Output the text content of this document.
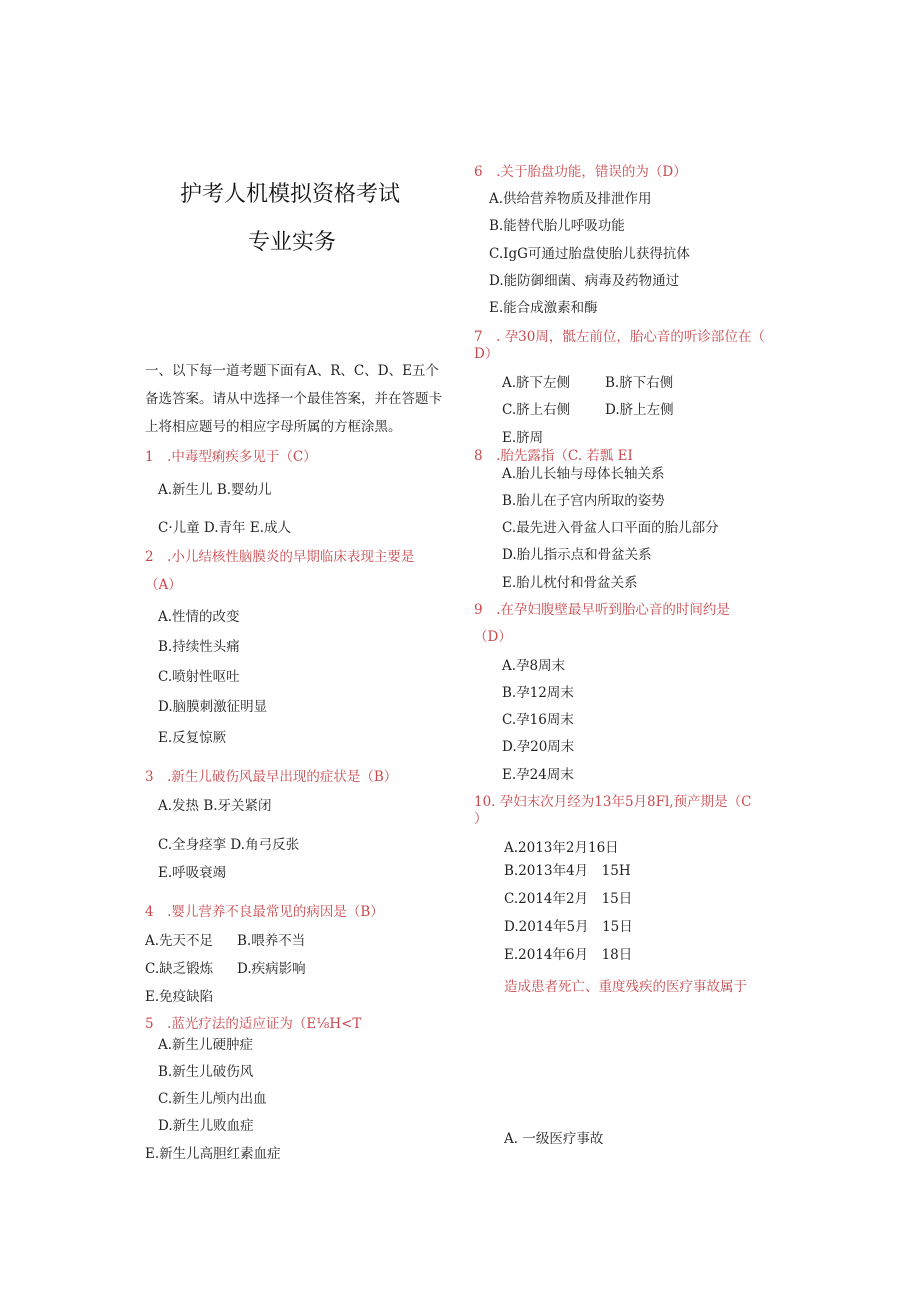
护考人机模拟资格考试
专业实务
一、以下每一道考题下面有A、R、C、D、E五个
备选答案。请从中选择一个最佳答案，并在答题卡
上将相应题号的相应字母所属的方框涂黑。
1　.中毒型痢疾多见于（C）
A.新生儿 B.婴幼儿
C·儿童 D.青年 E.成人
2　.小儿结核性脑膜炎的早期临床表现主要是
（A）
A.性情的改变
B.持续性头痛
C.喷射性呕吐
D.脑膜刺激征明显
E.反复惊厥
3　.新生儿破伤风最早出现的症状是（B）
A.发热 B.牙关紧闭
C.全身痉挛 D.角弓反张
E.呼吸衰竭
4　.婴儿营养不良最常见的病因是（B）
A.先天不足 B.喂养不当
C.缺乏锻炼 D.疾病影响
E.免疫缺陷
5　.蓝光疗法的适应证为（E⅛H<T
A.新生儿硬肿症
B.新生儿破伤风
C.新生儿颅内出血
D.新生儿败血症
E.新生儿高胆红素血症
6　.关于胎盘功能，错误的为（D）
A.供给营养物质及排泄作用
B.能替代胎儿呼吸功能
C.IgG可通过胎盘使胎儿获得抗体
D.能防御细菌、病毒及药物通过
E.能合成激素和酶
7　. 孕30周，骶左前位，胎心音的听诊部位在（
D）
A.脐下左侧	B.脐下右侧
C.脐上右侧	D.脐上左侧
E.脐周
8　.胎先露指（C. 若瓢 EI
A.胎儿长轴与母体长轴关系
B.胎儿在子宫内所取的姿势
C.最先进入骨盆人口平面的胎儿部分
D.胎儿指示点和骨盆关系
E.胎儿枕付和骨盆关系
9　.在孕妇腹壁最早听到胎心音的时间约是
（D）
A.孕8周末
B.孕12周末
C.孕16周末
D.孕20周末
E.孕24周末
10. 孕妇末次月经为13年5月8Fl,预产期是（C
）
A.2013年2月16日
B.2013年4月　15H
C.2014年2月　15日
D.2014年5月　15日
E.2014年6月　18日
造成患者死亡、重度残疾的医疗事故属于
A. 一级医疗事故
